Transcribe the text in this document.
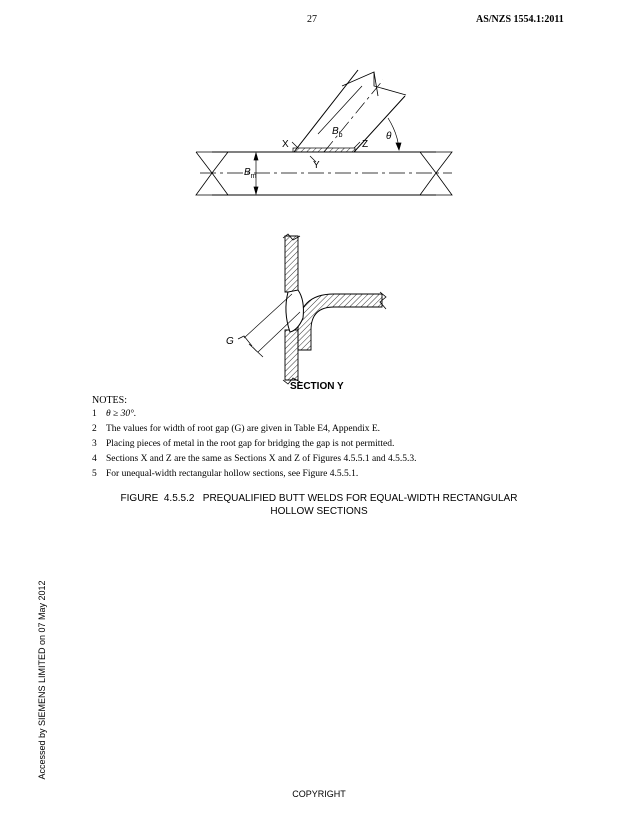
27	AS/NZS 1554.1:2011
$B_b$
$B_m$
θ
X	Z
Y
G
SECTION Y
NOTES:
1 θ ≥ 30°.
2 The values for width of root gap (G) are given in Table E4, Appendix E.
3 Placing pieces of metal in the root gap for bridging the gap is not permitted.
4 Sections X and Z are the same as Sections X and Z of Figures 4.5.5.1 and 4.5.5.3.
5 For unequal-width rectangular hollow sections, see Figure 4.5.5.1.
FIGURE  4.5.5.2   PREQUALIFIED BUTT WELDS FOR EQUAL-WIDTH RECTANGULAR
HOLLOW SECTIONS
Accessed by SIEMENS LIMITED on 07 May 2012
COPYRIGHT
